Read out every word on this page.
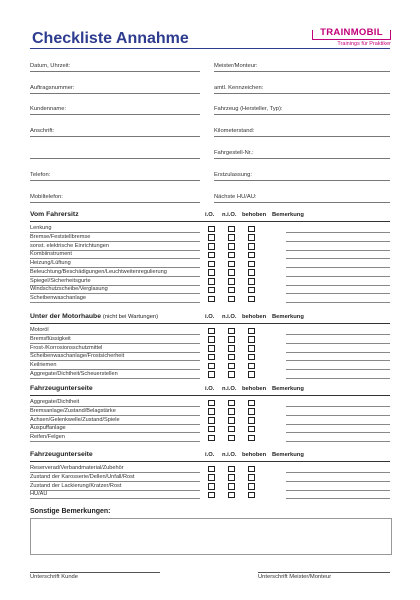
Checkliste Annahme	TRAINMOBIL
Trainings für Praktiker
Datum, Uhrzeit:
Auftragsnummer:
Kundenname:
Anschrift:
Telefon:
Mobiltelefon:
Meister/Monteur:
amtl. Kennzeichen:
Fahrzeug (Hersteller, Typ):
Kilometerstand:
Fahrgestell-Nr.:
Erstzulassung:
Nächste HU/AU:
Vom Fahrersitz	i.O. n.i.O. behoben Bemerkung
Lenkung
Bremse/Feststellbremse
sonst. elektrische Einrichtungen
Kombiinstrument
Heizung/Lüftung
Beleuchtung/Beschädigungen/Leuchtweitenregulierung
Spiegel/Sicherheitsgurte
Windschutzscheibe/Verglasung
Scheibenwaschanlage
Unter der Motorhaube (nicht bei Wartungen)	i.O. n.i.O. behoben Bemerkung
Motoröl
Bremsflüssigkeit
Frost-/Korrosionsschutzmittel
Scheibenwaschanlage/Frostsicherheit
Keilriemen
Aggregate/Dichtheit/Scheuerstellen
Fahrzeugunterseite	i.O. n.i.O. behoben Bemerkung
Aggregate/Dichtheit
Bremsanlage/Zustand/Belagstärke
Achsen/Gelenkwelle/Zustand/Spiele
Auspuffanlage
Reifen/Felgen
Fahrzeugunterseite	i.O. n.i.O. behoben Bemerkung
Reserverad/Verbandmaterial/Zubehör
Zustand der Karosserie/Dellen/Unfall/Rost
Zustand der Lackierung/Kratzer/Rost
HU/AU
Sonstige Bemerkungen:
Unterschrift Kunde	Unterschrift Meister/Monteur
